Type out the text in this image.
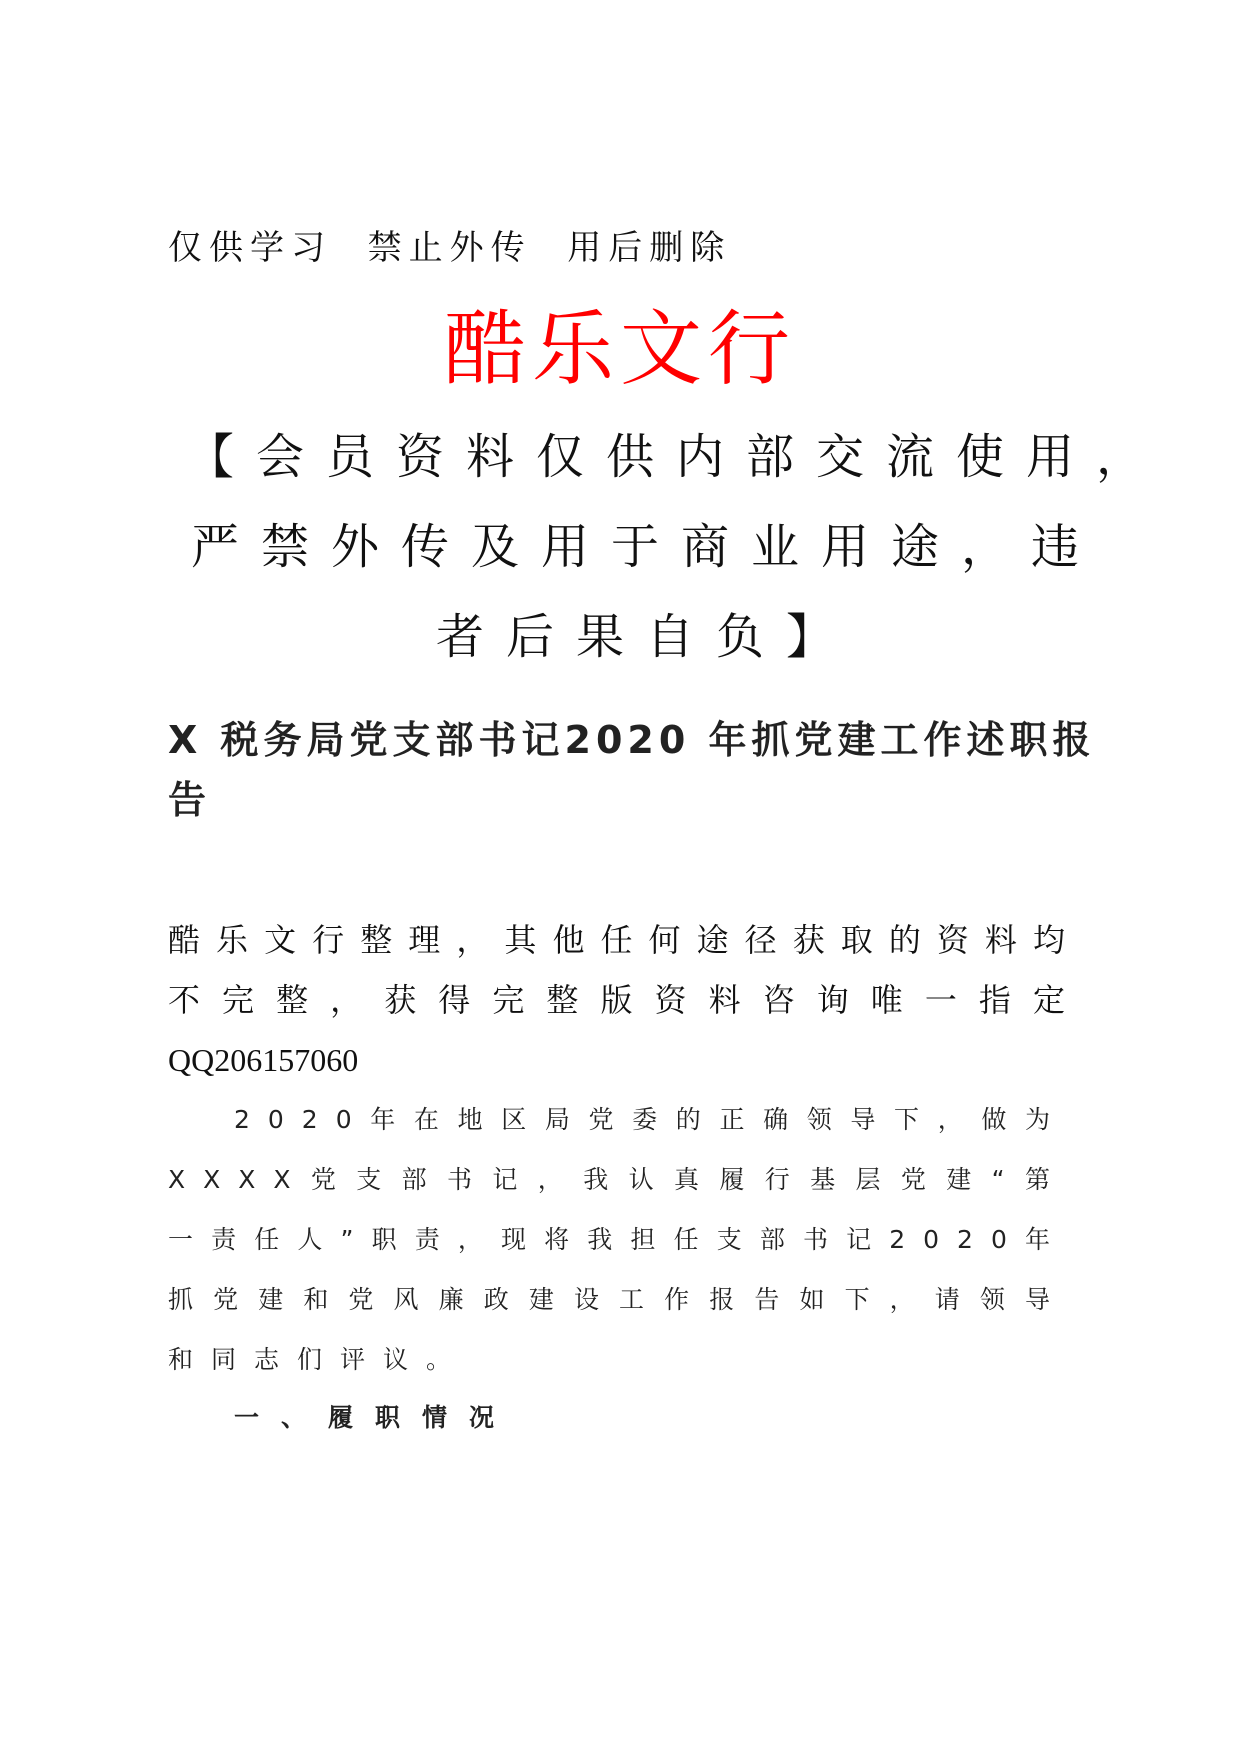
仅供学习  禁止外传  用后删除
酷乐文行
【会员资料仅供内部交流使用，
严禁外传及用于商业用途，违
者后果自负】
X 税务局党支部书记2020 年抓党建工作述职报告
酷乐文行整理，其他任何途径获取的资料均不完整，获得完整版资料咨询唯一指定
QQ206157060
2020年在地区局党委的正确领导下，做为XXXX党支部书记，我认真履行基层党建“第一责任人”职责，现将我担任支部书记2020年抓党建和党风廉政建设工作报告如下，请领导和同志们评议。
一、履职情况
